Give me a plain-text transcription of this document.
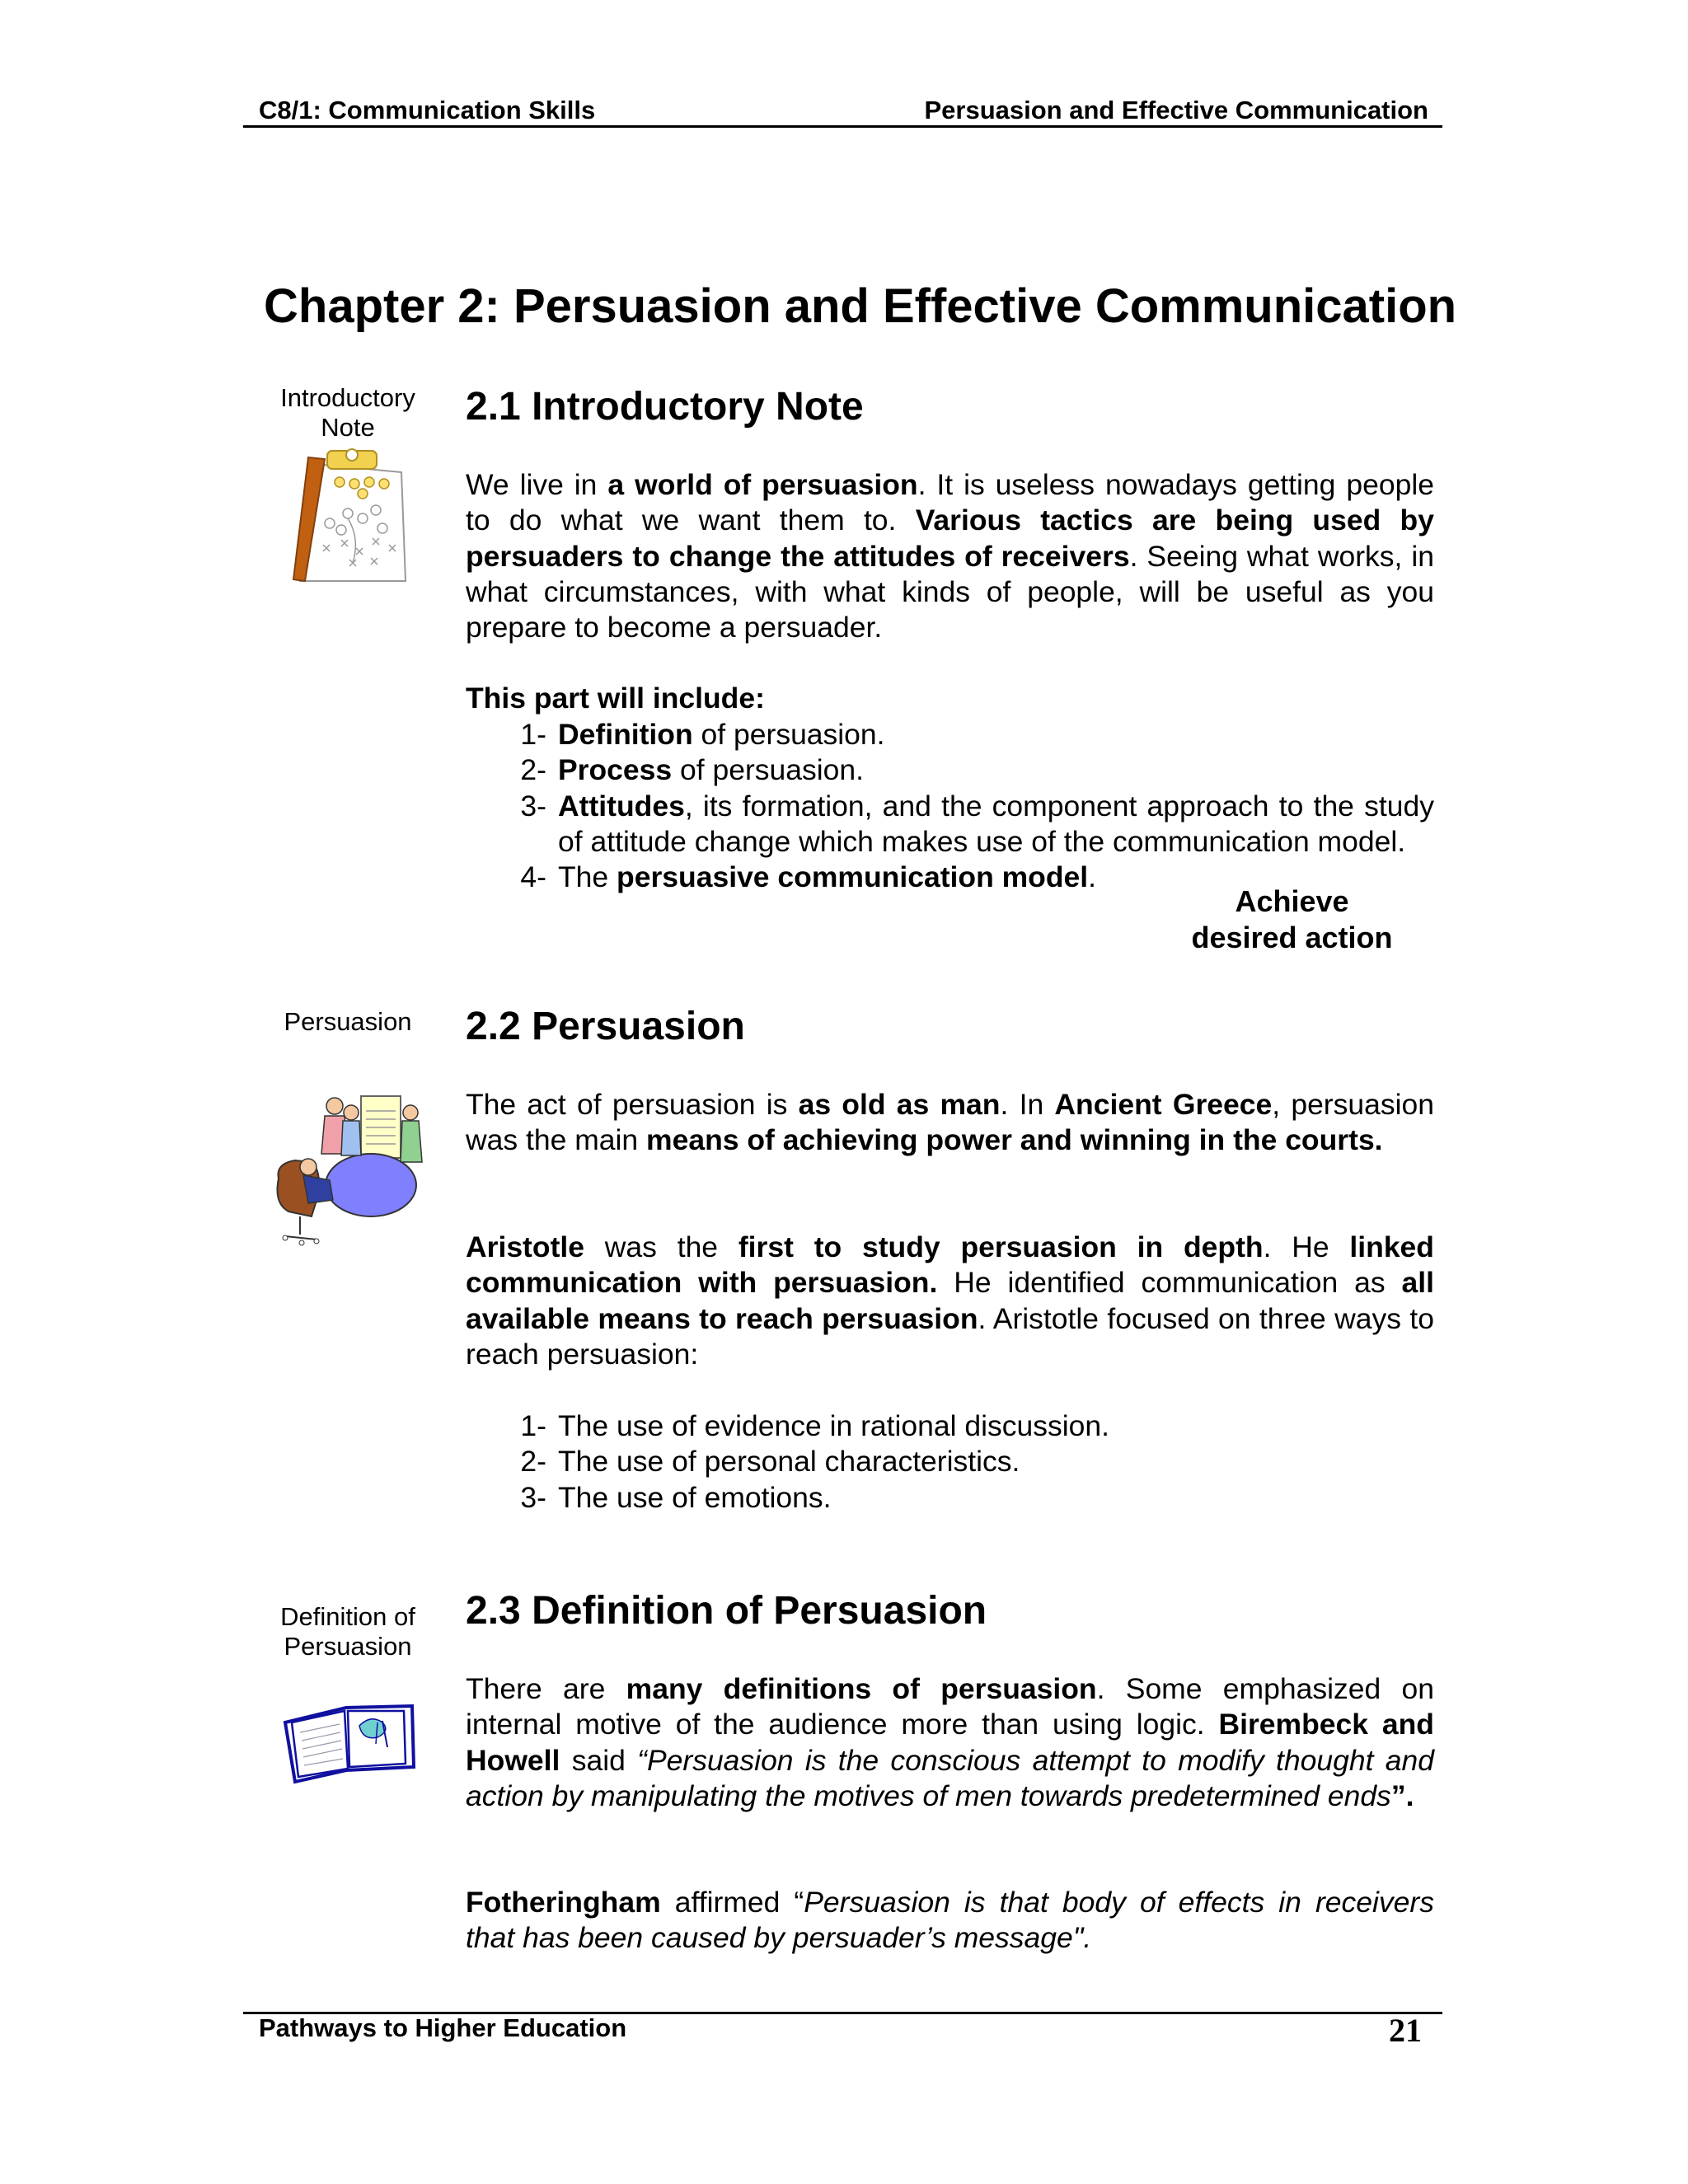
C8/1: Communication Skills	Persuasion and Effective Communication
Chapter 2: Persuasion and Effective Communication
Introductory
Note	2.1 Introductory Note
We live in a world of persuasion. It is useless nowadays getting people to do what we want them to. Various tactics are being used by persuaders to change the attitudes of receivers. Seeing what works, in what circumstances, with what kinds of people, will be useful as you prepare to become a persuader.
This part will include:
1- Definition of persuasion.
2- Process of persuasion.
3- Attitudes, its formation, and the component approach to the study of attitude change which makes use of the communication model.
4- The persuasive communication model.
Achieve
desired action
Persuasion	2.2 Persuasion
The act of persuasion is as old as man. In Ancient Greece, persuasion was the main means of achieving power and winning in the courts.
Aristotle was the first to study persuasion in depth. He linked communication with persuasion. He identified communication as all available means to reach persuasion. Aristotle focused on three ways to reach persuasion:
1- The use of evidence in rational discussion.
2- The use of personal characteristics.
3- The use of emotions.
Definition of
Persuasion
2.3 Definition of Persuasion
There are many definitions of persuasion. Some emphasized on internal motive of the audience more than using logic. Birembeck and Howell said “Persuasion is the conscious attempt to modify thought and action by manipulating the motives of men towards predetermined ends”.
Fotheringham affirmed “Persuasion is that body of effects in receivers that has been caused by persuader’s message".
Pathways to Higher Education	21
